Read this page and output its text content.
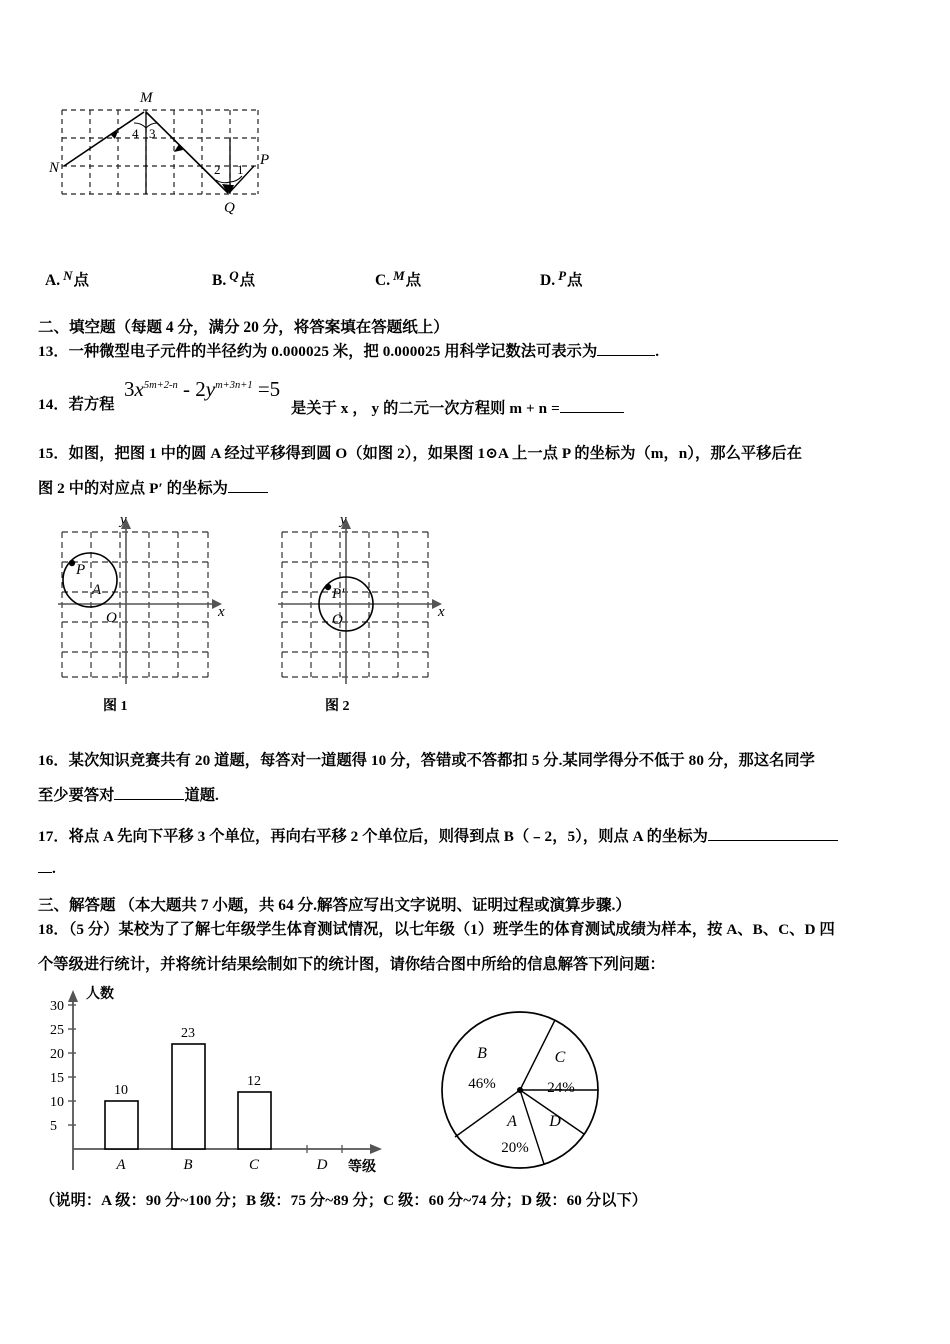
M
N	P
Q
4 3
2 1
A. $^N$点	B. $^Q$点	C. $^M$点	D. $^P$点
二、填空题（每题 4 分，满分 20 分，将答案填在答题纸上）
13．一种微型电子元件的半径约为 0.000025 米，把 0.000025 用科学记数法可表示为	.
14．若方程
$3x^{5m+2-n} - 2y^{m+3n+1} =5$
是关于 x ， y 的二元一次方程则 m + n =
15．如图，把图 1 中的圆 A 经过平移得到圆 O（如图 2），如果图 1⊙A 上一点 P 的坐标为（m，n），那么平移后在
图 2 中的对应点 P′ 的坐标为
y
x
O
P
A
图 1
y
x
O
P'
图 2
16．某次知识竞赛共有 20 道题，每答对一道题得 10 分，答错或不答都扣 5 分.某同学得分不低于 80 分，那这名同学
至少要答对	道题.
17．将点 A 先向下平移 3 个单位，再向右平移 2 个单位后，则得到点 B（﹣2，5），则点 A 的坐标为
.
三、解答题 （本大题共 7 小题，共 64 分.解答应写出文字说明、证明过程或演算步骤.）
18．（5 分）某校为了了解七年级学生体育测试情况，以七年级（1）班学生的体育测试成绩为样本，按 A、B、C、D 四
个等级进行统计，并将统计结果绘制如下的统计图，请你结合图中所给的信息解答下列问题：
5
10
15
20
25
30
10
23
12
A	B	C	D
人数
等级
B
46%
C
24%
A
20%
D
（说明：A 级：90 分~100 分；B 级：75 分~89 分；C 级：60 分~74 分；D 级：60 分以下）
